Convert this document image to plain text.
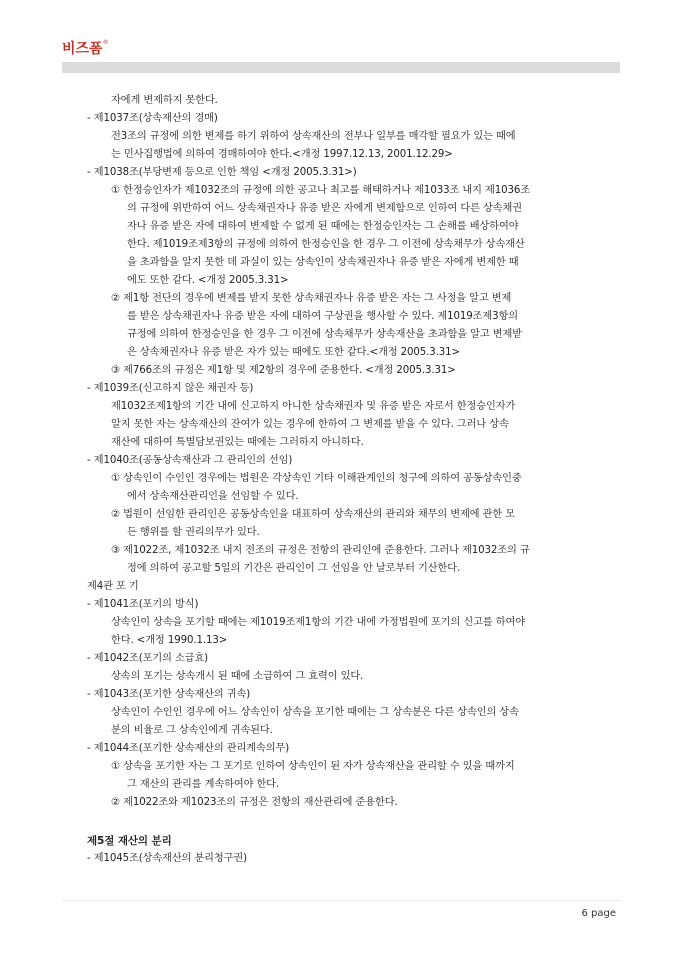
비즈폼®
자에게 변제하지 못한다.
- 제1037조(상속재산의 경매)
전3조의 규정에 의한 변제를 하기 위하여 상속재산의 전부나 일부를 매각할 필요가 있는 때에
는 민사집행법에 의하여 경매하여야 한다.<개정 1997.12.13, 2001.12.29>
- 제1038조(부당변제 등으로 인한 책임 <개정 2005.3.31>)
① 한정승인자가 제1032조의 규정에 의한 공고나 최고를 해태하거나 제1033조 내지 제1036조
의 규정에 위반하여 어느 상속채권자나 유증 받은 자에게 변제함으로 인하여 다른 상속채권
자나 유증 받은 자에 대하여 변제할 수 없게 된 때에는 한정승인자는 그 손해를 배상하여야
한다. 제1019조제3항의 규정에 의하여 한정승인을 한 경우 그 이전에 상속채무가 상속재산
을 초과함을 알지 못한 데 과실이 있는 상속인이 상속채권자나 유증 받은 자에게 변제한 때
에도 또한 같다. <개정 2005.3.31>
② 제1항 전단의 경우에 변제를 받지 못한 상속채권자나 유증 받은 자는 그 사정을 알고 변제
를 받은 상속채권자나 유증 받은 자에 대하여 구상권을 행사할 수 있다. 제1019조제3항의
규정에 의하여 한정승인을 한 경우 그 이전에 상속채무가 상속재산을 초과함을 알고 변제받
은 상속채권자나 유증 받은 자가 있는 때에도 또한 같다.<개정 2005.3.31>
③ 제766조의 규정은 제1항 및 제2항의 경우에 준용한다. <개정 2005.3.31>
- 제1039조(신고하지 않은 채권자 등)
제1032조제1항의 기간 내에 신고하지 아니한 상속채권자 및 유증 받은 자로서 한정승인자가
알지 못한 자는 상속재산의 잔여가 있는 경우에 한하여 그 변제를 받을 수 있다. 그러나 상속
재산에 대하여 특별담보권있는 때에는 그러하지 아니하다.
- 제1040조(공동상속재산과 그 관리인의 선임)
① 상속인이 수인인 경우에는 법원은 각상속인 기타 이해관계인의 청구에 의하여 공동상속인중
에서 상속재산관리인을 선임할 수 있다.
② 법원이 선임한 관리인은 공동상속인을 대표하여 상속재산의 관리와 채무의 변제에 관한 모
든 행위를 할 권리의무가 있다.
③ 제1022조, 제1032조 내지 전조의 규정은 전항의 관리인에 준용한다. 그러나 제1032조의 규
정에 의하여 공고할 5일의 기간은 관리인이 그 선임을 안 날로부터 기산한다.
제4관 포 기
- 제1041조(포기의 방식)
상속인이 상속을 포기할 때에는 제1019조제1항의 기간 내에 가정법원에 포기의 신고를 하여야
한다. <개정 1990.1.13>
- 제1042조(포기의 소급효)
상속의 포기는 상속개시 된 때에 소급하여 그 효력이 있다.
- 제1043조(포기한 상속재산의 귀속)
상속인이 수인인 경우에 어느 상속인이 상속을 포기한 때에는 그 상속분은 다른 상속인의 상속
분의 비율로 그 상속인에게 귀속된다.
- 제1044조(포기한 상속재산의 관리계속의무)
① 상속을 포기한 자는 그 포기로 인하여 상속인이 된 자가 상속재산을 관리할 수 있을 때까지
그 재산의 관리를 계속하여야 한다.
② 제1022조와 제1023조의 규정은 전항의 재산관리에 준용한다.
제5절 재산의 분리
- 제1045조(상속재산의 분리청구권)
6 page
